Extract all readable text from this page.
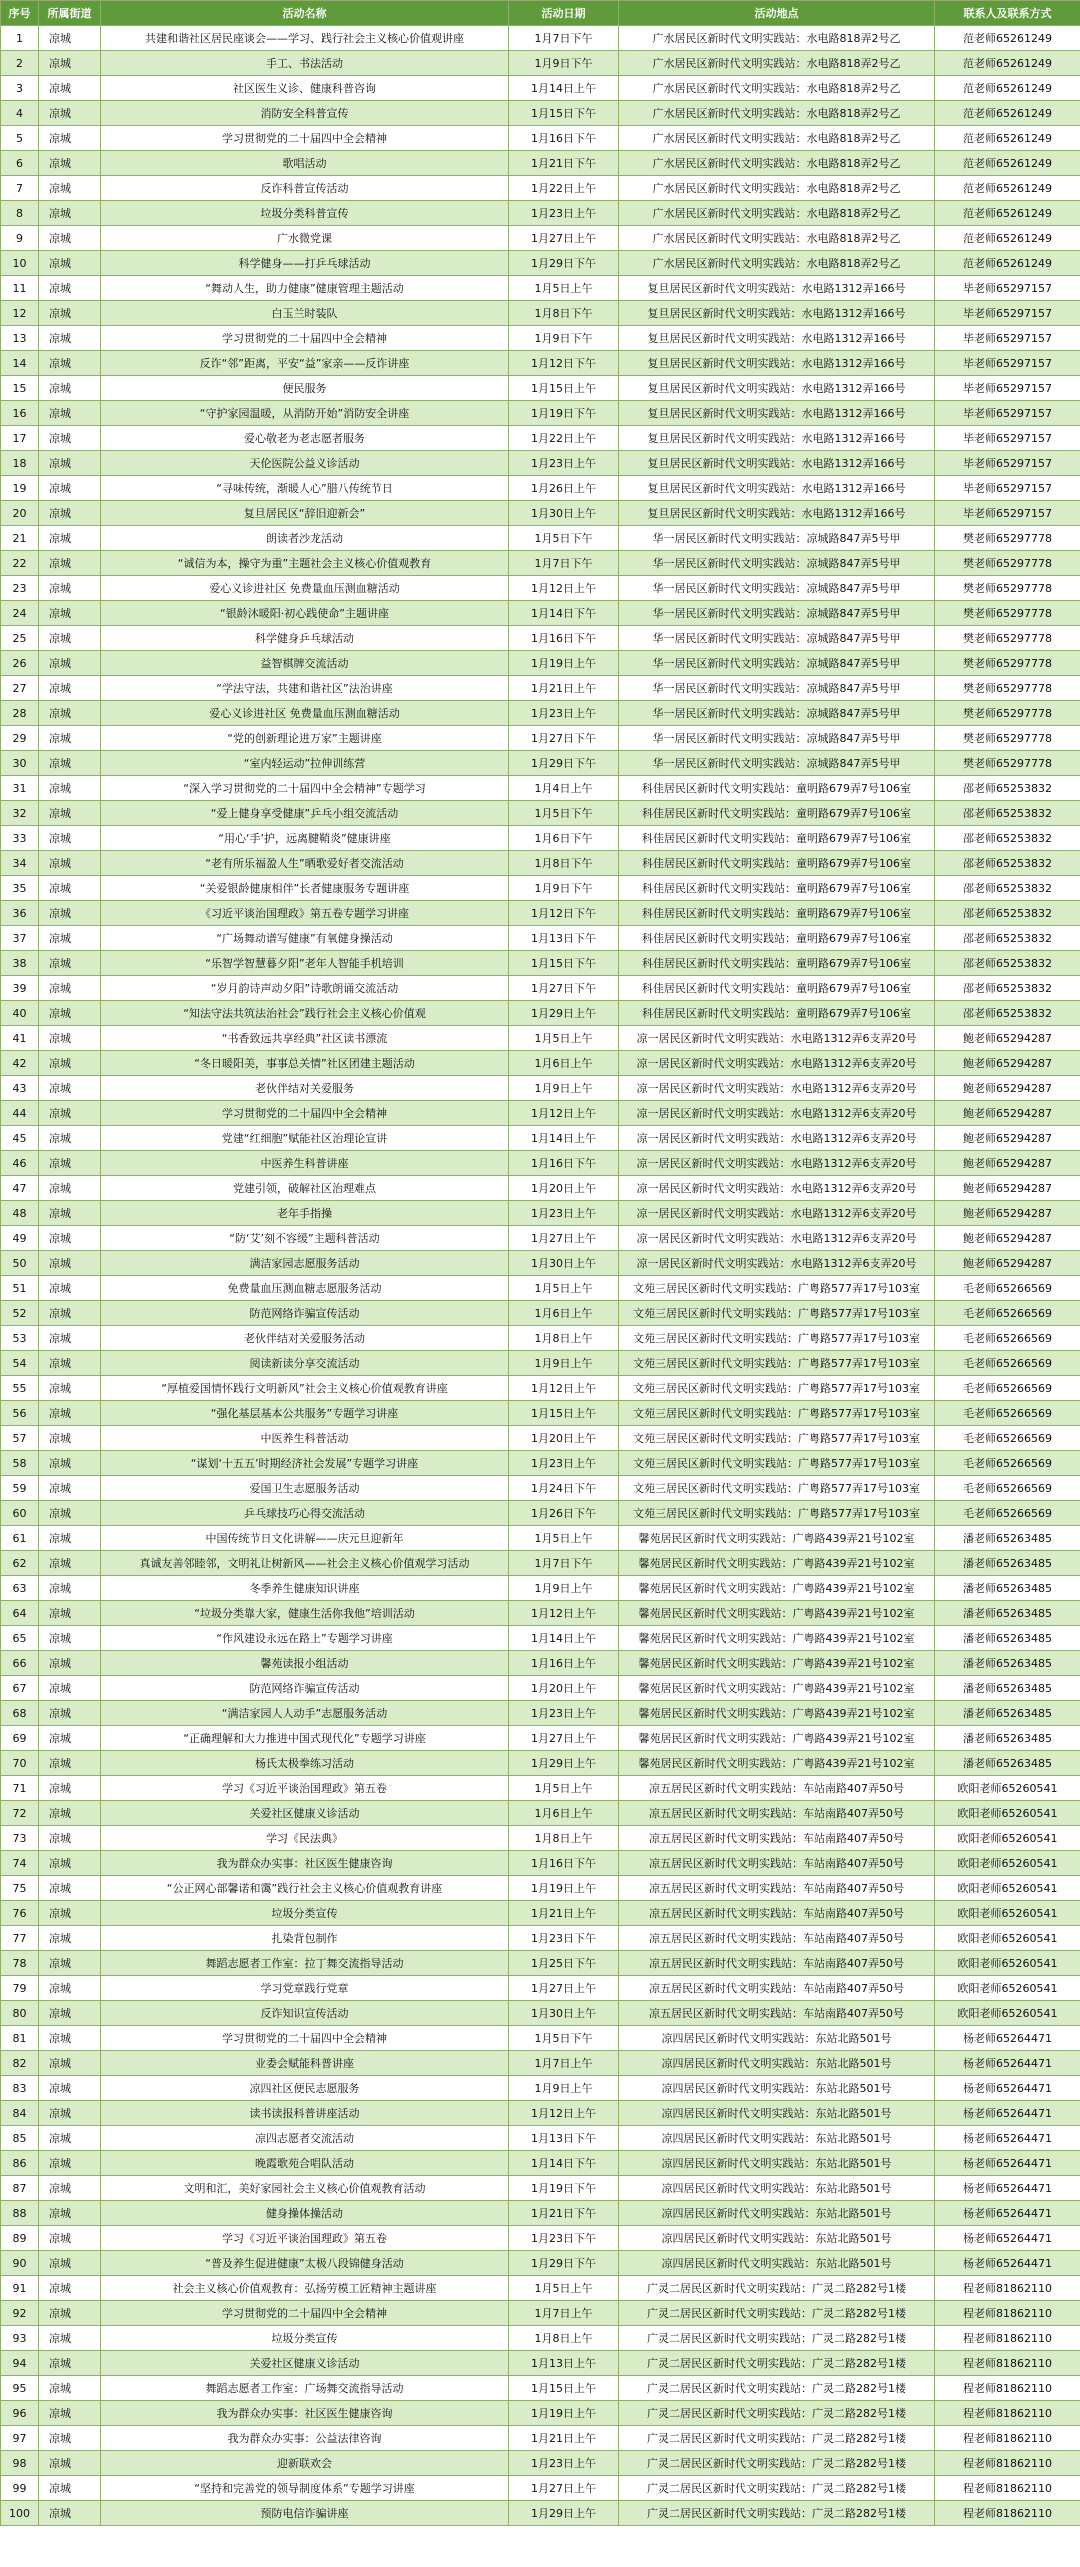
序号	所属街道	活动名称	活动日期	活动地点	联系人及联系方式
1	凉城	共建和谐社区居民座谈会——学习、践行社会主义核心价值观讲座	1月7日下午	广水居民区新时代文明实践站：水电路818弄2号乙	范老师65261249
2	凉城	手工、书法活动	1月9日下午	广水居民区新时代文明实践站：水电路818弄2号乙	范老师65261249
3	凉城	社区医生义诊、健康科普咨询	1月14日上午	广水居民区新时代文明实践站：水电路818弄2号乙	范老师65261249
4	凉城	消防安全科普宣传	1月15日下午	广水居民区新时代文明实践站：水电路818弄2号乙	范老师65261249
5	凉城	学习贯彻党的二十届四中全会精神	1月16日下午	广水居民区新时代文明实践站：水电路818弄2号乙	范老师65261249
6	凉城	歌唱活动	1月21日下午	广水居民区新时代文明实践站：水电路818弄2号乙	范老师65261249
7	凉城	反诈科普宣传活动	1月22日上午	广水居民区新时代文明实践站：水电路818弄2号乙	范老师65261249
8	凉城	垃圾分类科普宣传	1月23日上午	广水居民区新时代文明实践站：水电路818弄2号乙	范老师65261249
9	凉城	广水微党课	1月27日上午	广水居民区新时代文明实践站：水电路818弄2号乙	范老师65261249
10	凉城	科学健身——打乒乓球活动	1月29日下午	广水居民区新时代文明实践站：水电路818弄2号乙	范老师65261249
11	凉城	“舞动人生，助力健康”健康管理主题活动	1月5日上午	复旦居民区新时代文明实践站：水电路1312弄166号	毕老师65297157
12	凉城	白玉兰时装队	1月8日下午	复旦居民区新时代文明实践站：水电路1312弄166号	毕老师65297157
13	凉城	学习贯彻党的二十届四中全会精神	1月9日下午	复旦居民区新时代文明实践站：水电路1312弄166号	毕老师65297157
14	凉城	反诈“邻”距离，平安“益”家亲——反诈讲座	1月12日下午	复旦居民区新时代文明实践站：水电路1312弄166号	毕老师65297157
15	凉城	便民服务	1月15日上午	复旦居民区新时代文明实践站：水电路1312弄166号	毕老师65297157
16	凉城	“守护家园温暖，从消防开始”消防安全讲座	1月19日下午	复旦居民区新时代文明实践站：水电路1312弄166号	毕老师65297157
17	凉城	爱心敬老为老志愿者服务	1月22日上午	复旦居民区新时代文明实践站：水电路1312弄166号	毕老师65297157
18	凉城	天伦医院公益义诊活动	1月23日上午	复旦居民区新时代文明实践站：水电路1312弄166号	毕老师65297157
19	凉城	“寻味传统，渐暖人心”腊八传统节日	1月26日上午	复旦居民区新时代文明实践站：水电路1312弄166号	毕老师65297157
20	凉城	复旦居民区“辞旧迎新会”	1月30日上午	复旦居民区新时代文明实践站：水电路1312弄166号	毕老师65297157
21	凉城	朗读者沙龙活动	1月5日下午	华一居民区新时代文明实践站：凉城路847弄5号甲	樊老师65297778
22	凉城	“诚信为本，操守为重”主题社会主义核心价值观教育	1月7日下午	华一居民区新时代文明实践站：凉城路847弄5号甲	樊老师65297778
23	凉城	爱心义诊进社区 免费量血压测血糖活动	1月12日上午	华一居民区新时代文明实践站：凉城路847弄5号甲	樊老师65297778
24	凉城	“银龄沐暖阳·初心践使命”主题讲座	1月14日下午	华一居民区新时代文明实践站：凉城路847弄5号甲	樊老师65297778
25	凉城	科学健身乒乓球活动	1月16日下午	华一居民区新时代文明实践站：凉城路847弄5号甲	樊老师65297778
26	凉城	益智棋牌交流活动	1月19日上午	华一居民区新时代文明实践站：凉城路847弄5号甲	樊老师65297778
27	凉城	“学法守法，共建和谐社区”法治讲座	1月21日上午	华一居民区新时代文明实践站：凉城路847弄5号甲	樊老师65297778
28	凉城	爱心义诊进社区 免费量血压测血糖活动	1月23日上午	华一居民区新时代文明实践站：凉城路847弄5号甲	樊老师65297778
29	凉城	“党的创新理论进万家”主题讲座	1月27日下午	华一居民区新时代文明实践站：凉城路847弄5号甲	樊老师65297778
30	凉城	“室内轻运动”拉伸训练营	1月29日下午	华一居民区新时代文明实践站：凉城路847弄5号甲	樊老师65297778
31	凉城	“深入学习贯彻党的二十届四中全会精神”专题学习	1月4日上午	科佳居民区新时代文明实践站：童明路679弄7号106室	邵老师65253832
32	凉城	“爱上健身享受健康”乒乓小组交流活动	1月5日下午	科佳居民区新时代文明实践站：童明路679弄7号106室	邵老师65253832
33	凉城	“用心‘手’护，远离腱鞘炎”健康讲座	1月6日下午	科佳居民区新时代文明实践站：童明路679弄7号106室	邵老师65253832
34	凉城	“老有所乐福盈人生”晒歌爱好者交流活动	1月8日下午	科佳居民区新时代文明实践站：童明路679弄7号106室	邵老师65253832
35	凉城	“关爱银龄健康相伴”长者健康服务专题讲座	1月9日下午	科佳居民区新时代文明实践站：童明路679弄7号106室	邵老师65253832
36	凉城	《习近平谈治国理政》第五卷专题学习讲座	1月12日下午	科佳居民区新时代文明实践站：童明路679弄7号106室	邵老师65253832
37	凉城	“广场舞动谱写健康”有氧健身操活动	1月13日下午	科佳居民区新时代文明实践站：童明路679弄7号106室	邵老师65253832
38	凉城	“乐智学智慧暮夕阳”老年人智能手机培训	1月15日下午	科佳居民区新时代文明实践站：童明路679弄7号106室	邵老师65253832
39	凉城	“岁月韵诗声动夕阳”诗歌朗诵交流活动	1月27日下午	科佳居民区新时代文明实践站：童明路679弄7号106室	邵老师65253832
40	凉城	“知法守法共筑法治社会”践行社会主义核心价值观	1月29日上午	科佳居民区新时代文明实践站：童明路679弄7号106室	邵老师65253832
41	凉城	“书香致远共享经典”社区读书漂流	1月5日上午	凉一居民区新时代文明实践站：水电路1312弄6支弄20号	鲍老师65294287
42	凉城	“冬日暖阳美，事事总关情”社区团建主题活动	1月6日上午	凉一居民区新时代文明实践站：水电路1312弄6支弄20号	鲍老师65294287
43	凉城	老伙伴结对关爱服务	1月9日上午	凉一居民区新时代文明实践站：水电路1312弄6支弄20号	鲍老师65294287
44	凉城	学习贯彻党的二十届四中全会精神	1月12日上午	凉一居民区新时代文明实践站：水电路1312弄6支弄20号	鲍老师65294287
45	凉城	党建“红细胞”赋能社区治理论宣讲	1月14日上午	凉一居民区新时代文明实践站：水电路1312弄6支弄20号	鲍老师65294287
46	凉城	中医养生科普讲座	1月16日下午	凉一居民区新时代文明实践站：水电路1312弄6支弄20号	鲍老师65294287
47	凉城	党建引领，破解社区治理难点	1月20日上午	凉一居民区新时代文明实践站：水电路1312弄6支弄20号	鲍老师65294287
48	凉城	老年手指操	1月23日上午	凉一居民区新时代文明实践站：水电路1312弄6支弄20号	鲍老师65294287
49	凉城	“防‘艾’刻不容缓”主题科普活动	1月27日上午	凉一居民区新时代文明实践站：水电路1312弄6支弄20号	鲍老师65294287
50	凉城	满洁家园志愿服务活动	1月30日上午	凉一居民区新时代文明实践站：水电路1312弄6支弄20号	鲍老师65294287
51	凉城	免费量血压测血糖志愿服务活动	1月5日上午	文苑三居民区新时代文明实践站：广粤路577弄17号103室	毛老师65266569
52	凉城	防范网络诈骗宣传活动	1月6日上午	文苑三居民区新时代文明实践站：广粤路577弄17号103室	毛老师65266569
53	凉城	老伙伴结对关爱服务活动	1月8日上午	文苑三居民区新时代文明实践站：广粤路577弄17号103室	毛老师65266569
54	凉城	阅读新读分享交流活动	1月9日上午	文苑三居民区新时代文明实践站：广粤路577弄17号103室	毛老师65266569
55	凉城	“厚植爱国情怀践行文明新风”社会主义核心价值观教育讲座	1月12日上午	文苑三居民区新时代文明实践站：广粤路577弄17号103室	毛老师65266569
56	凉城	“强化基层基本公共服务”专题学习讲座	1月15日上午	文苑三居民区新时代文明实践站：广粤路577弄17号103室	毛老师65266569
57	凉城	中医养生科普活动	1月20日上午	文苑三居民区新时代文明实践站：广粤路577弄17号103室	毛老师65266569
58	凉城	“谋划‘十五五’时期经济社会发展”专题学习讲座	1月23日上午	文苑三居民区新时代文明实践站：广粤路577弄17号103室	毛老师65266569
59	凉城	爱国卫生志愿服务活动	1月24日下午	文苑三居民区新时代文明实践站：广粤路577弄17号103室	毛老师65266569
60	凉城	乒乓球技巧心得交流活动	1月26日下午	文苑三居民区新时代文明实践站：广粤路577弄17号103室	毛老师65266569
61	凉城	中国传统节日文化讲解——庆元旦迎新年	1月5日上午	馨苑居民区新时代文明实践站：广粤路439弄21号102室	潘老师65263485
62	凉城	真诚友善邻睦邻，文明礼让树新风——社会主义核心价值观学习活动	1月7日下午	馨苑居民区新时代文明实践站：广粤路439弄21号102室	潘老师65263485
63	凉城	冬季养生健康知识讲座	1月9日上午	馨苑居民区新时代文明实践站：广粤路439弄21号102室	潘老师65263485
64	凉城	“垃圾分类靠大家，健康生活你我他”培训活动	1月12日上午	馨苑居民区新时代文明实践站：广粤路439弄21号102室	潘老师65263485
65	凉城	“作风建设永远在路上”专题学习讲座	1月14日上午	馨苑居民区新时代文明实践站：广粤路439弄21号102室	潘老师65263485
66	凉城	馨苑读报小组活动	1月16日上午	馨苑居民区新时代文明实践站：广粤路439弄21号102室	潘老师65263485
67	凉城	防范网络诈骗宣传活动	1月20日上午	馨苑居民区新时代文明实践站：广粤路439弄21号102室	潘老师65263485
68	凉城	“满洁家园人人动手”志愿服务活动	1月23日上午	馨苑居民区新时代文明实践站：广粤路439弄21号102室	潘老师65263485
69	凉城	“正确理解和大力推进中国式现代化”专题学习讲座	1月27日上午	馨苑居民区新时代文明实践站：广粤路439弄21号102室	潘老师65263485
70	凉城	杨氏太极拳练习活动	1月29日上午	馨苑居民区新时代文明实践站：广粤路439弄21号102室	潘老师65263485
71	凉城	学习《习近平谈治国理政》第五卷	1月5日上午	凉五居民区新时代文明实践站：车站南路407弄50号	欧阳老师65260541
72	凉城	关爱社区健康义诊活动	1月6日上午	凉五居民区新时代文明实践站：车站南路407弄50号	欧阳老师65260541
73	凉城	学习《民法典》	1月8日上午	凉五居民区新时代文明实践站：车站南路407弄50号	欧阳老师65260541
74	凉城	我为群众办实事：社区医生健康咨询	1月16日下午	凉五居民区新时代文明实践站：车站南路407弄50号	欧阳老师65260541
75	凉城	“公正网心部馨诺和霭”践行社会主义核心价值观教育讲座	1月19日上午	凉五居民区新时代文明实践站：车站南路407弄50号	欧阳老师65260541
76	凉城	垃圾分类宣传	1月21日上午	凉五居民区新时代文明实践站：车站南路407弄50号	欧阳老师65260541
77	凉城	扎染背包制作	1月23日下午	凉五居民区新时代文明实践站：车站南路407弄50号	欧阳老师65260541
78	凉城	舞蹈志愿者工作室：拉丁舞交流指导活动	1月25日下午	凉五居民区新时代文明实践站：车站南路407弄50号	欧阳老师65260541
79	凉城	学习党章践行党章	1月27日上午	凉五居民区新时代文明实践站：车站南路407弄50号	欧阳老师65260541
80	凉城	反诈知识宣传活动	1月30日上午	凉五居民区新时代文明实践站：车站南路407弄50号	欧阳老师65260541
81	凉城	学习贯彻党的二十届四中全会精神	1月5日下午	凉四居民区新时代文明实践站：东站北路501号	杨老师65264471
82	凉城	业委会赋能科普讲座	1月7日上午	凉四居民区新时代文明实践站：东站北路501号	杨老师65264471
83	凉城	凉四社区便民志愿服务	1月9日上午	凉四居民区新时代文明实践站：东站北路501号	杨老师65264471
84	凉城	读书读报科普讲座活动	1月12日上午	凉四居民区新时代文明实践站：东站北路501号	杨老师65264471
85	凉城	凉四志愿者交流活动	1月13日下午	凉四居民区新时代文明实践站：东站北路501号	杨老师65264471
86	凉城	晚霞歌苑合唱队活动	1月14日下午	凉四居民区新时代文明实践站：东站北路501号	杨老师65264471
87	凉城	文明和汇，美好家园社会主义核心价值观教育活动	1月19日下午	凉四居民区新时代文明实践站：东站北路501号	杨老师65264471
88	凉城	健身操体操活动	1月21日下午	凉四居民区新时代文明实践站：东站北路501号	杨老师65264471
89	凉城	学习《习近平谈治国理政》第五卷	1月23日下午	凉四居民区新时代文明实践站：东站北路501号	杨老师65264471
90	凉城	“普及养生促进健康”太极八段锦健身活动	1月29日下午	凉四居民区新时代文明实践站：东站北路501号	杨老师65264471
91	凉城	社会主义核心价值观教育：弘扬劳模工匠精神主题讲座	1月5日上午	广灵二居民区新时代文明实践站：广灵二路282号1楼	程老师81862110
92	凉城	学习贯彻党的二十届四中全会精神	1月7日上午	广灵二居民区新时代文明实践站：广灵二路282号1楼	程老师81862110
93	凉城	垃圾分类宣传	1月8日上午	广灵二居民区新时代文明实践站：广灵二路282号1楼	程老师81862110
94	凉城	关爱社区健康义诊活动	1月13日上午	广灵二居民区新时代文明实践站：广灵二路282号1楼	程老师81862110
95	凉城	舞蹈志愿者工作室：广场舞交流指导活动	1月15日上午	广灵二居民区新时代文明实践站：广灵二路282号1楼	程老师81862110
96	凉城	我为群众办实事：社区医生健康咨询	1月19日上午	广灵二居民区新时代文明实践站：广灵二路282号1楼	程老师81862110
97	凉城	我为群众办实事：公益法律咨询	1月21日上午	广灵二居民区新时代文明实践站：广灵二路282号1楼	程老师81862110
98	凉城	迎新联欢会	1月23日上午	广灵二居民区新时代文明实践站：广灵二路282号1楼	程老师81862110
99	凉城	“坚持和完善党的领导制度体系”专题学习讲座	1月27日上午	广灵二居民区新时代文明实践站：广灵二路282号1楼	程老师81862110
100	凉城	预防电信诈骗讲座	1月29日上午	广灵二居民区新时代文明实践站：广灵二路282号1楼	程老师81862110
